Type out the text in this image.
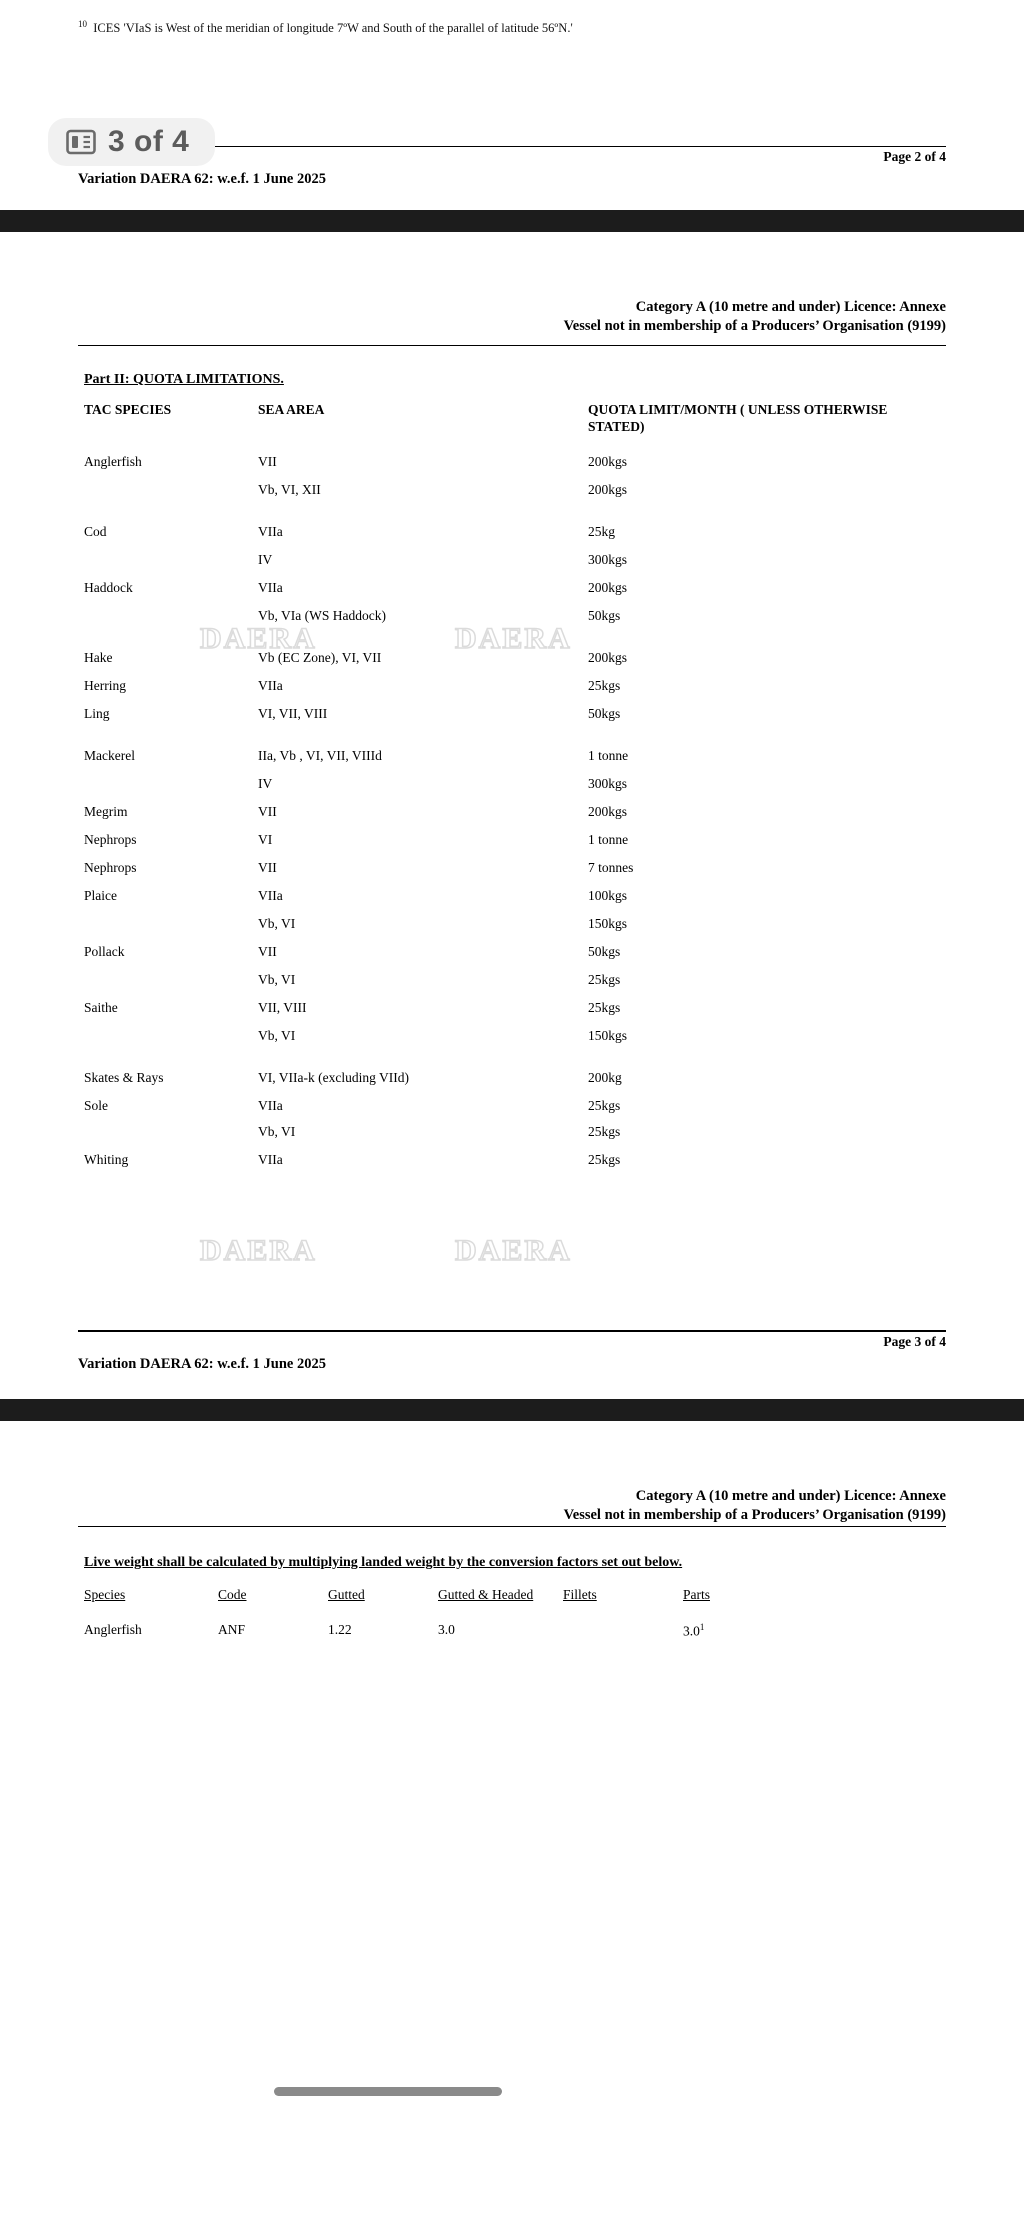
$^{10}$ ICES 'VIaS is West of the meridian of longitude 7ºW and South of the parallel of latitude 56ºN.'
Page 2 of 4
Variation DAERA 62: w.e.f. 1 June 2025
3 of 4
Category A (10 metre and under) Licence: Annexe
Vessel not in membership of a Producers’ Organisation (9199)
Part II: QUOTA LIMITATIONS.
DAERA	DAERA
DAERA	DAERA
TAC SPECIES	SEA AREA	QUOTA LIMIT/MONTH ( UNLESS OTHERWISE STATED)
Anglerfish	VII	200kgs
	Vb, VI, XII	200kgs
Cod	VIIa	25kg
	IV	300kgs
Haddock	VIIa	200kgs
	Vb, VIa (WS Haddock)	50kgs
Hake	Vb (EC Zone), VI, VII	200kgs
Herring	VIIa	25kgs
Ling	VI, VII, VIII	50kgs
Mackerel	IIa, Vb , VI, VII, VIIId	1 tonne
	IV	300kgs
Megrim	VII	200kgs
Nephrops	VI	1 tonne
Nephrops	VII	7 tonnes
Plaice	VIIa	100kgs
	Vb, VI	150kgs
Pollack	VII	50kgs
	Vb, VI	25kgs
Saithe	VII, VIII	25kgs
	Vb, VI	150kgs
Skates & Rays	VI, VIIa-k (excluding VIId)	200kg
Sole	VIIa	25kgs
	Vb, VI	25kgs
Whiting	VIIa	25kgs
Page 3 of 4
Variation DAERA 62: w.e.f. 1 June 2025
Category A (10 metre and under) Licence: Annexe
Vessel not in membership of a Producers’ Organisation (9199)
Live weight shall be calculated by multiplying landed weight by the conversion factors set out below.
Species	Code	Gutted	Gutted & Headed	Fillets	Parts
Anglerfish	ANF	1.22	3.0		$3.0^1$
